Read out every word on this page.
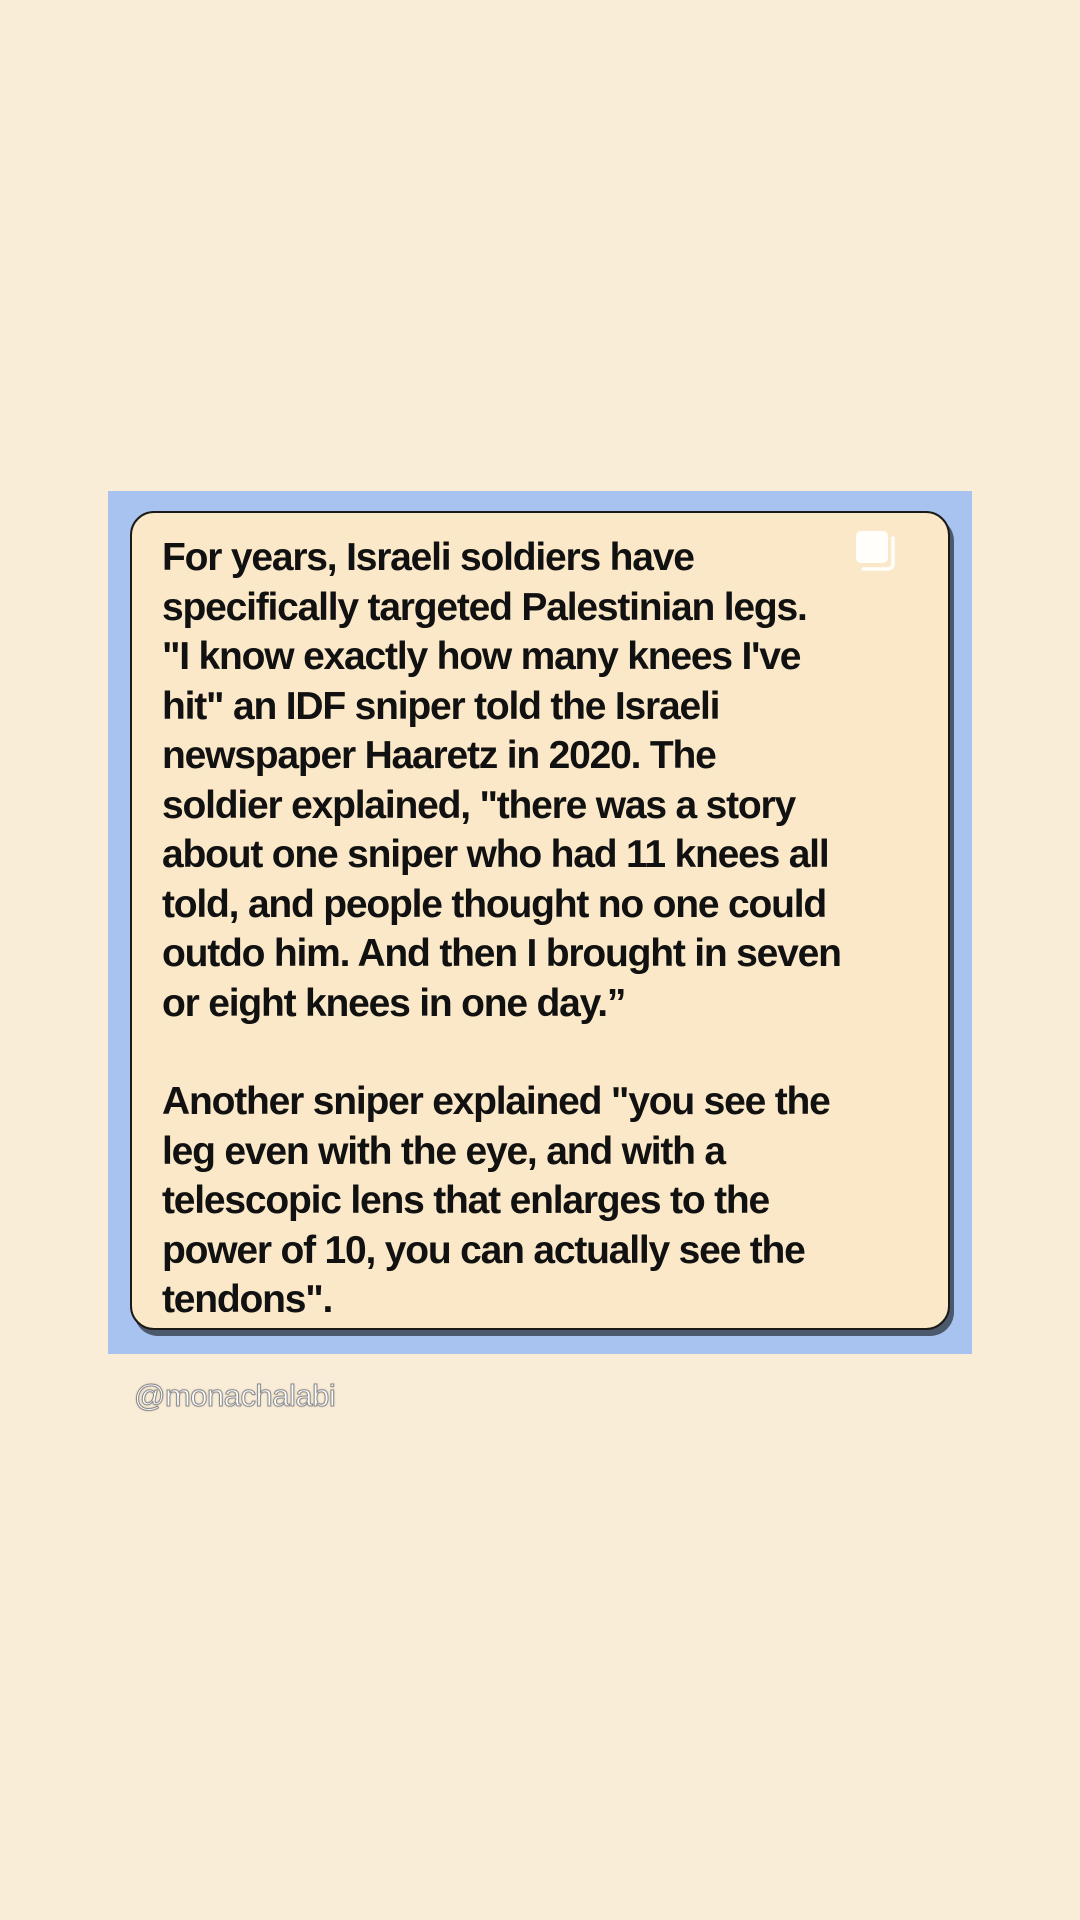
For years, Israeli soldiers have
specifically targeted Palestinian legs.
"I know exactly how many knees I've
hit" an IDF sniper told the Israeli
newspaper Haaretz in 2020. The
soldier explained, "there was a story
about one sniper who had 11 knees all
told, and people thought no one could
outdo him. And then I brought in seven
or eight knees in one day.”

Another sniper explained "you see the
leg even with the eye, and with a
telescopic lens that enlarges to the
power of 10, you can actually see the
tendons".

@monachalabi
